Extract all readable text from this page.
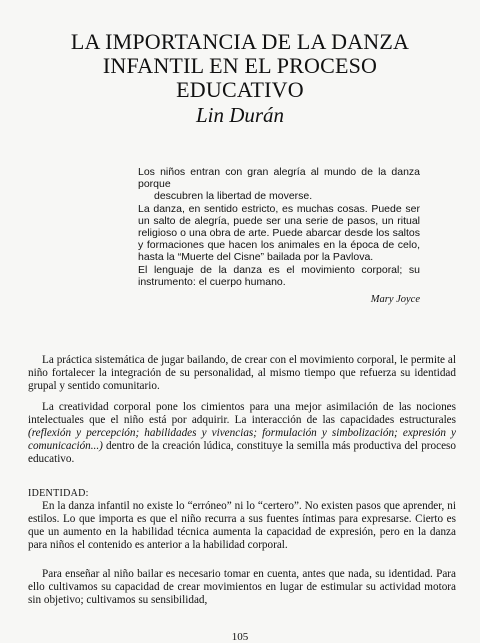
LA IMPORTANCIA DE LA DANZA
INFANTIL EN EL PROCESO
EDUCATIVO
Lin Durán

Los niños entran con gran alegría al mundo de la danza porque
descubren la libertad de moverse.

La danza, en sentido estricto, es muchas cosas. Puede ser un salto de alegría, puede ser una serie de pasos, un ritual religioso o una obra de arte. Puede abarcar desde los saltos y formaciones que hacen los animales en la época de celo, hasta la “Muerte del Cisne” bailada por la Pavlova.

El lenguaje de la danza es el movimiento corporal; su instrumento: el cuerpo humano.

Mary Joyce

La práctica sistemática de jugar bailando, de crear con el movimiento corporal, le permite al niño fortalecer la integración de su personalidad, al mismo tiempo que refuerza su identidad grupal y sentido comunitario.

La creatividad corporal pone los cimientos para una mejor asimilación de las nociones intelectuales que el niño está por adquirir. La interacción de las capacidades estructurales (reflexión y percepción; habilidades y vivencias; formulación y simbolización; expresión y comunicación...) dentro de la creación lúdica, constituye la semilla más productiva del proceso educativo.

IDENTIDAD:

En la danza infantil no existe lo “erróneo” ni lo “certero”. No existen pasos que aprender, ni estilos. Lo que importa es que el niño recurra a sus fuentes íntimas para expresarse. Cierto es que un aumento en la habilidad técnica aumenta la capacidad de expresión, pero en la danza para niños el contenido es anterior a la habilidad corporal.

Para enseñar al niño bailar es necesario tomar en cuenta, antes que nada, su identidad. Para ello cultivamos su capacidad de crear movimientos en lugar de estimular su actividad motora sin objetivo; cultivamos su sensibilidad,

105
